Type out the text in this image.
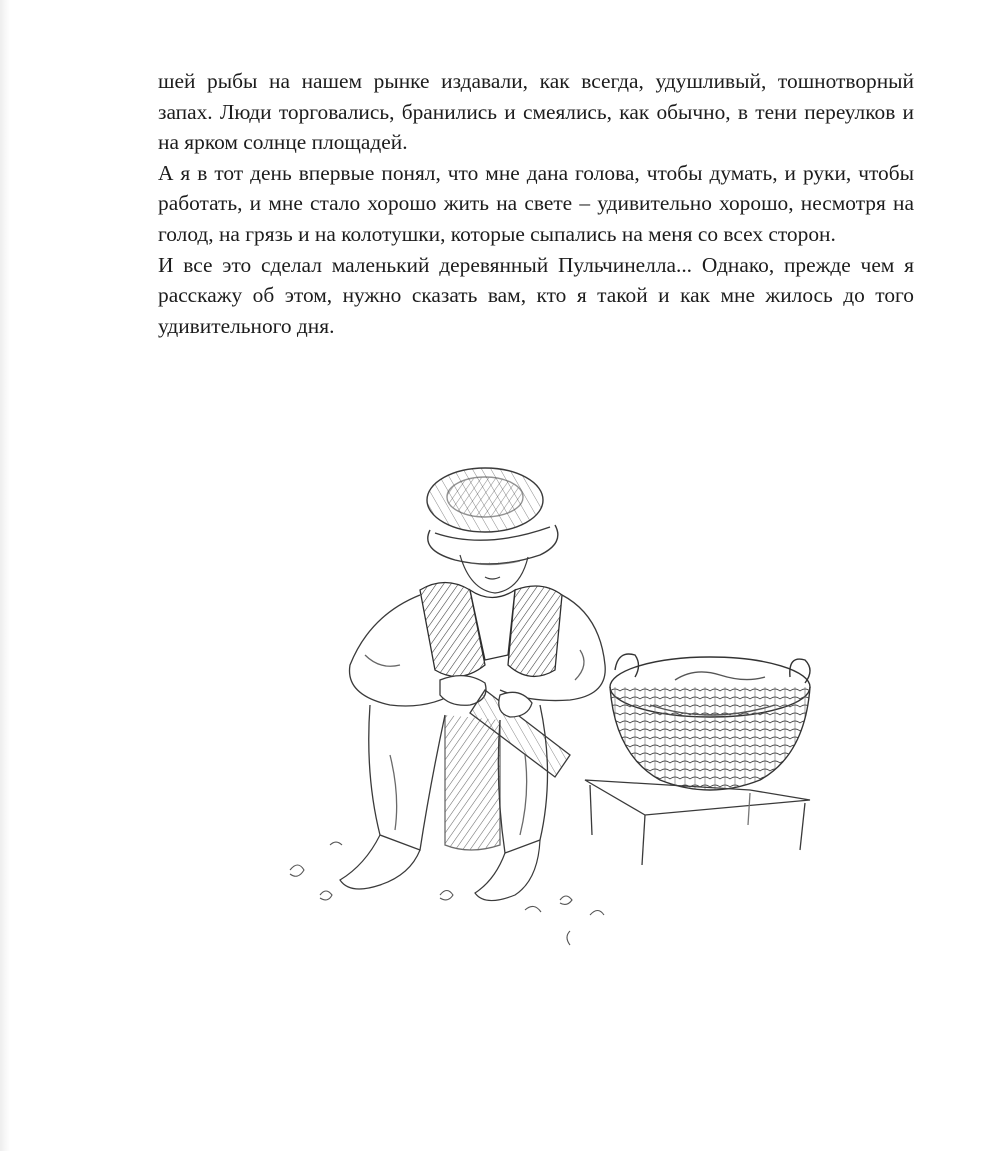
шей рыбы на нашем рынке издавали, как всегда, удушливый, тошнотворный запах. Люди торговались, бранились и смеялись, как обычно, в тени переулков и на ярком солнце площадей.

А я в тот день впервые понял, что мне дана голова, чтобы думать, и руки, чтобы работать, и мне стало хорошо жить на свете – удивительно хорошо, несмотря на голод, на грязь и на колотушки, которые сыпались на меня со всех сторон.

И все это сделал маленький деревянный Пульчинелла... Однако, прежде чем я расскажу об этом, нужно сказать вам, кто я такой и как мне жилось до того удивительного дня.
